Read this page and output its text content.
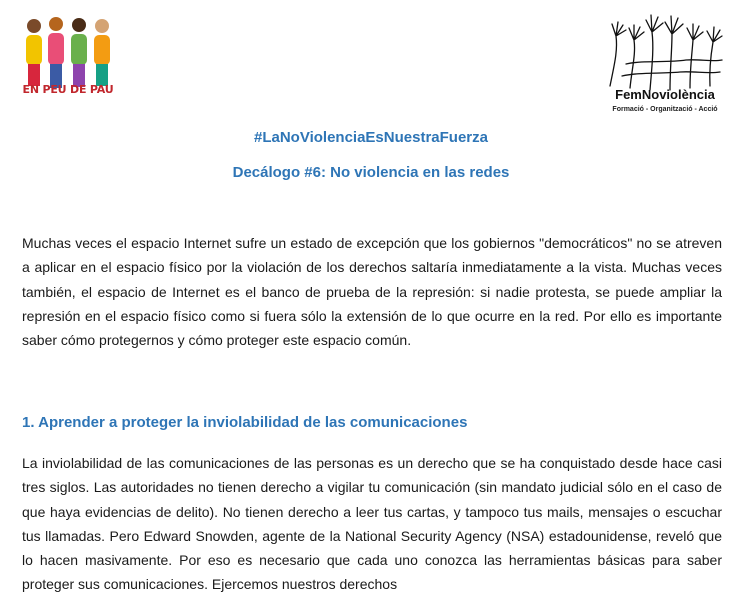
EN PEU DE PAU	FemNoviolència
Formació - Organització - Acció
#LaNoViolenciaEsNuestraFuerza
Decálogo #6: No violencia en las redes

Muchas veces el espacio Internet sufre un estado de excepción que los gobiernos "democráticos" no se atreven a aplicar en el espacio físico por la violación de los derechos saltaría inmediatamente a la vista. Muchas veces también, el espacio de Internet es el banco de prueba de la represión: si nadie protesta, se puede ampliar la represión en el espacio físico como si fuera sólo la extensión de lo que ocurre en la red. Por ello es importante saber cómo protegernos y cómo proteger este espacio común.

1. Aprender a proteger la inviolabilidad de las comunicaciones

La inviolabilidad de las comunicaciones de las personas es un derecho que se ha conquistado desde hace casi tres siglos. Las autoridades no tienen derecho a vigilar tu comunicación (sin mandato judicial sólo en el caso de que haya evidencias de delito). No tienen derecho a leer tus cartas, y tampoco tus mails, mensajes o escuchar tus llamadas. Pero Edward Snowden, agente de la National Security Agency (NSA) estadounidense, reveló que lo hacen masivamente. Por eso es necesario que cada uno conozca las herramientas básicas para saber proteger sus comunicaciones. Ejercemos nuestros derechos
